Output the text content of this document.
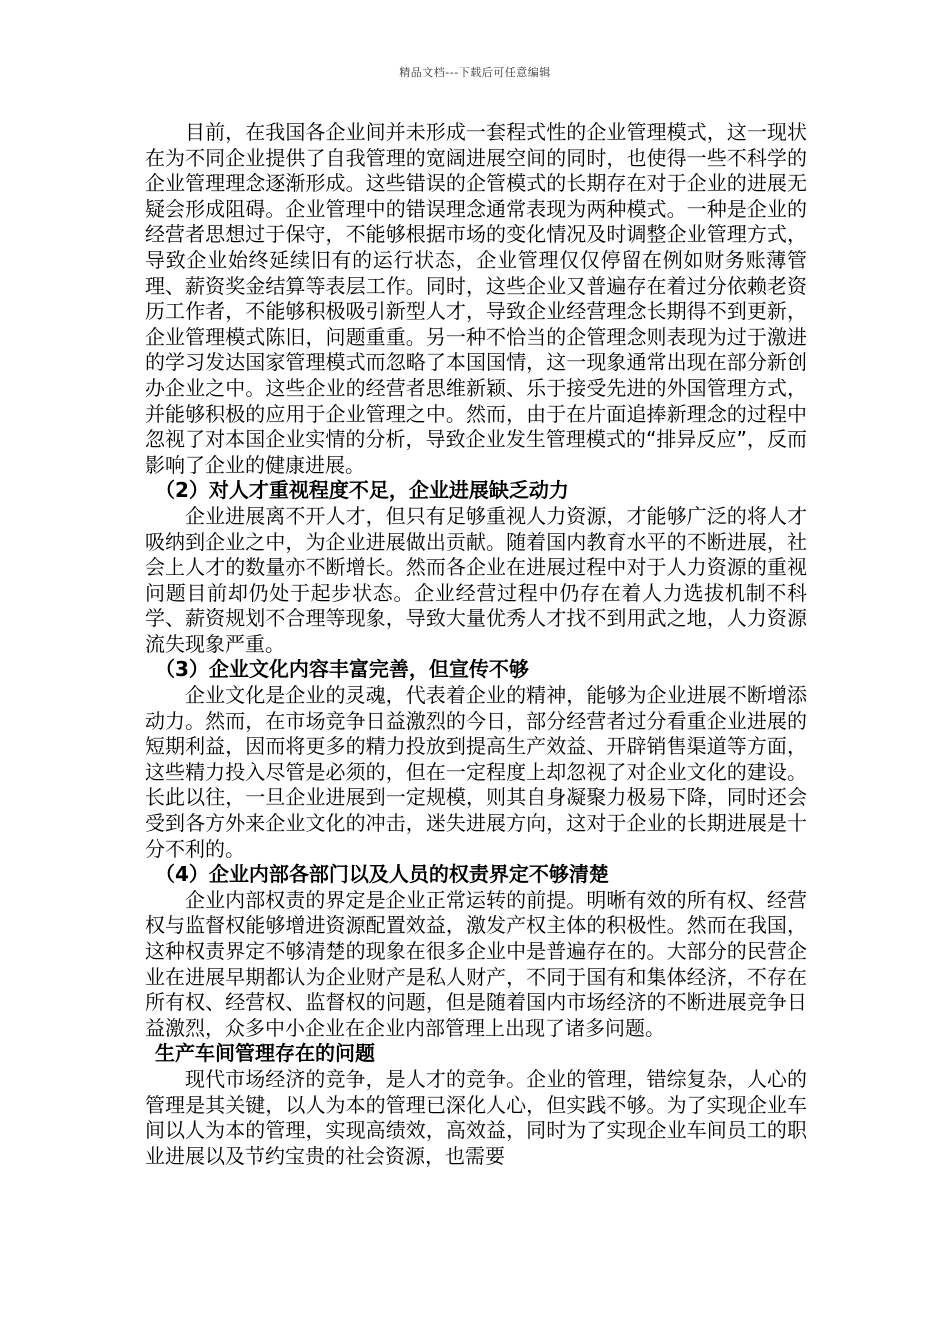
精品文档---下载后可任意编辑

目前，在我国各企业间并未形成一套程式性的企业管理模式，这一现状在为不同企业提供了自我管理的宽阔进展空间的同时，也使得一些不科学的企业管理理念逐渐形成。这些错误的企管模式的长期存在对于企业的进展无疑会形成阻碍。企业管理中的错误理念通常表现为两种模式。一种是企业的经营者思想过于保守，不能够根据市场的变化情况及时调整企业管理方式，导致企业始终延续旧有的运行状态，企业管理仅仅停留在例如财务账薄管理、薪资奖金结算等表层工作。同时，这些企业又普遍存在着过分依赖老资历工作者，不能够积极吸引新型人才，导致企业经营理念长期得不到更新，企业管理模式陈旧，问题重重。另一种不恰当的企管理念则表现为过于激进的学习发达国家管理模式而忽略了本国国情，这一现象通常出现在部分新创办企业之中。这些企业的经营者思维新颖、乐于接受先进的外国管理方式，并能够积极的应用于企业管理之中。然而，由于在片面追捧新理念的过程中忽视了对本国企业实情的分析，导致企业发生管理模式的“排异反应”，反而影响了企业的健康进展。

（2）对人才重视程度不足，企业进展缺乏动力

企业进展离不开人才，但只有足够重视人力资源，才能够广泛的将人才吸纳到企业之中，为企业进展做出贡献。随着国内教育水平的不断进展，社会上人才的数量亦不断增长。然而各企业在进展过程中对于人力资源的重视问题目前却仍处于起步状态。企业经营过程中仍存在着人力选拔机制不科学、薪资规划不合理等现象，导致大量优秀人才找不到用武之地，人力资源流失现象严重。

（3）企业文化内容丰富完善，但宣传不够

企业文化是企业的灵魂，代表着企业的精神，能够为企业进展不断增添动力。然而，在市场竞争日益激烈的今日，部分经营者过分看重企业进展的短期利益，因而将更多的精力投放到提高生产效益、开辟销售渠道等方面，这些精力投入尽管是必须的，但在一定程度上却忽视了对企业文化的建设。长此以往，一旦企业进展到一定规模，则其自身凝聚力极易下降，同时还会受到各方外来企业文化的冲击，迷失进展方向，这对于企业的长期进展是十分不利的。

（4）企业内部各部门以及人员的权责界定不够清楚

企业内部权责的界定是企业正常运转的前提。明晰有效的所有权、经营权与监督权能够增进资源配置效益，激发产权主体的积极性。然而在我国，这种权责界定不够清楚的现象在很多企业中是普遍存在的。大部分的民营企业在进展早期都认为企业财产是私人财产，不同于国有和集体经济，不存在所有权、经营权、监督权的问题，但是随着国内市场经济的不断进展竞争日益激烈，众多中小企业在企业内部管理上出现了诸多问题。

生产车间管理存在的问题

现代市场经济的竞争，是人才的竞争。企业的管理，错综复杂，人心的管理是其关键，以人为本的管理已深化人心，但实践不够。为了实现企业车间以人为本的管理，实现高绩效，高效益，同时为了实现企业车间员工的职业进展以及节约宝贵的社会资源，也需要
